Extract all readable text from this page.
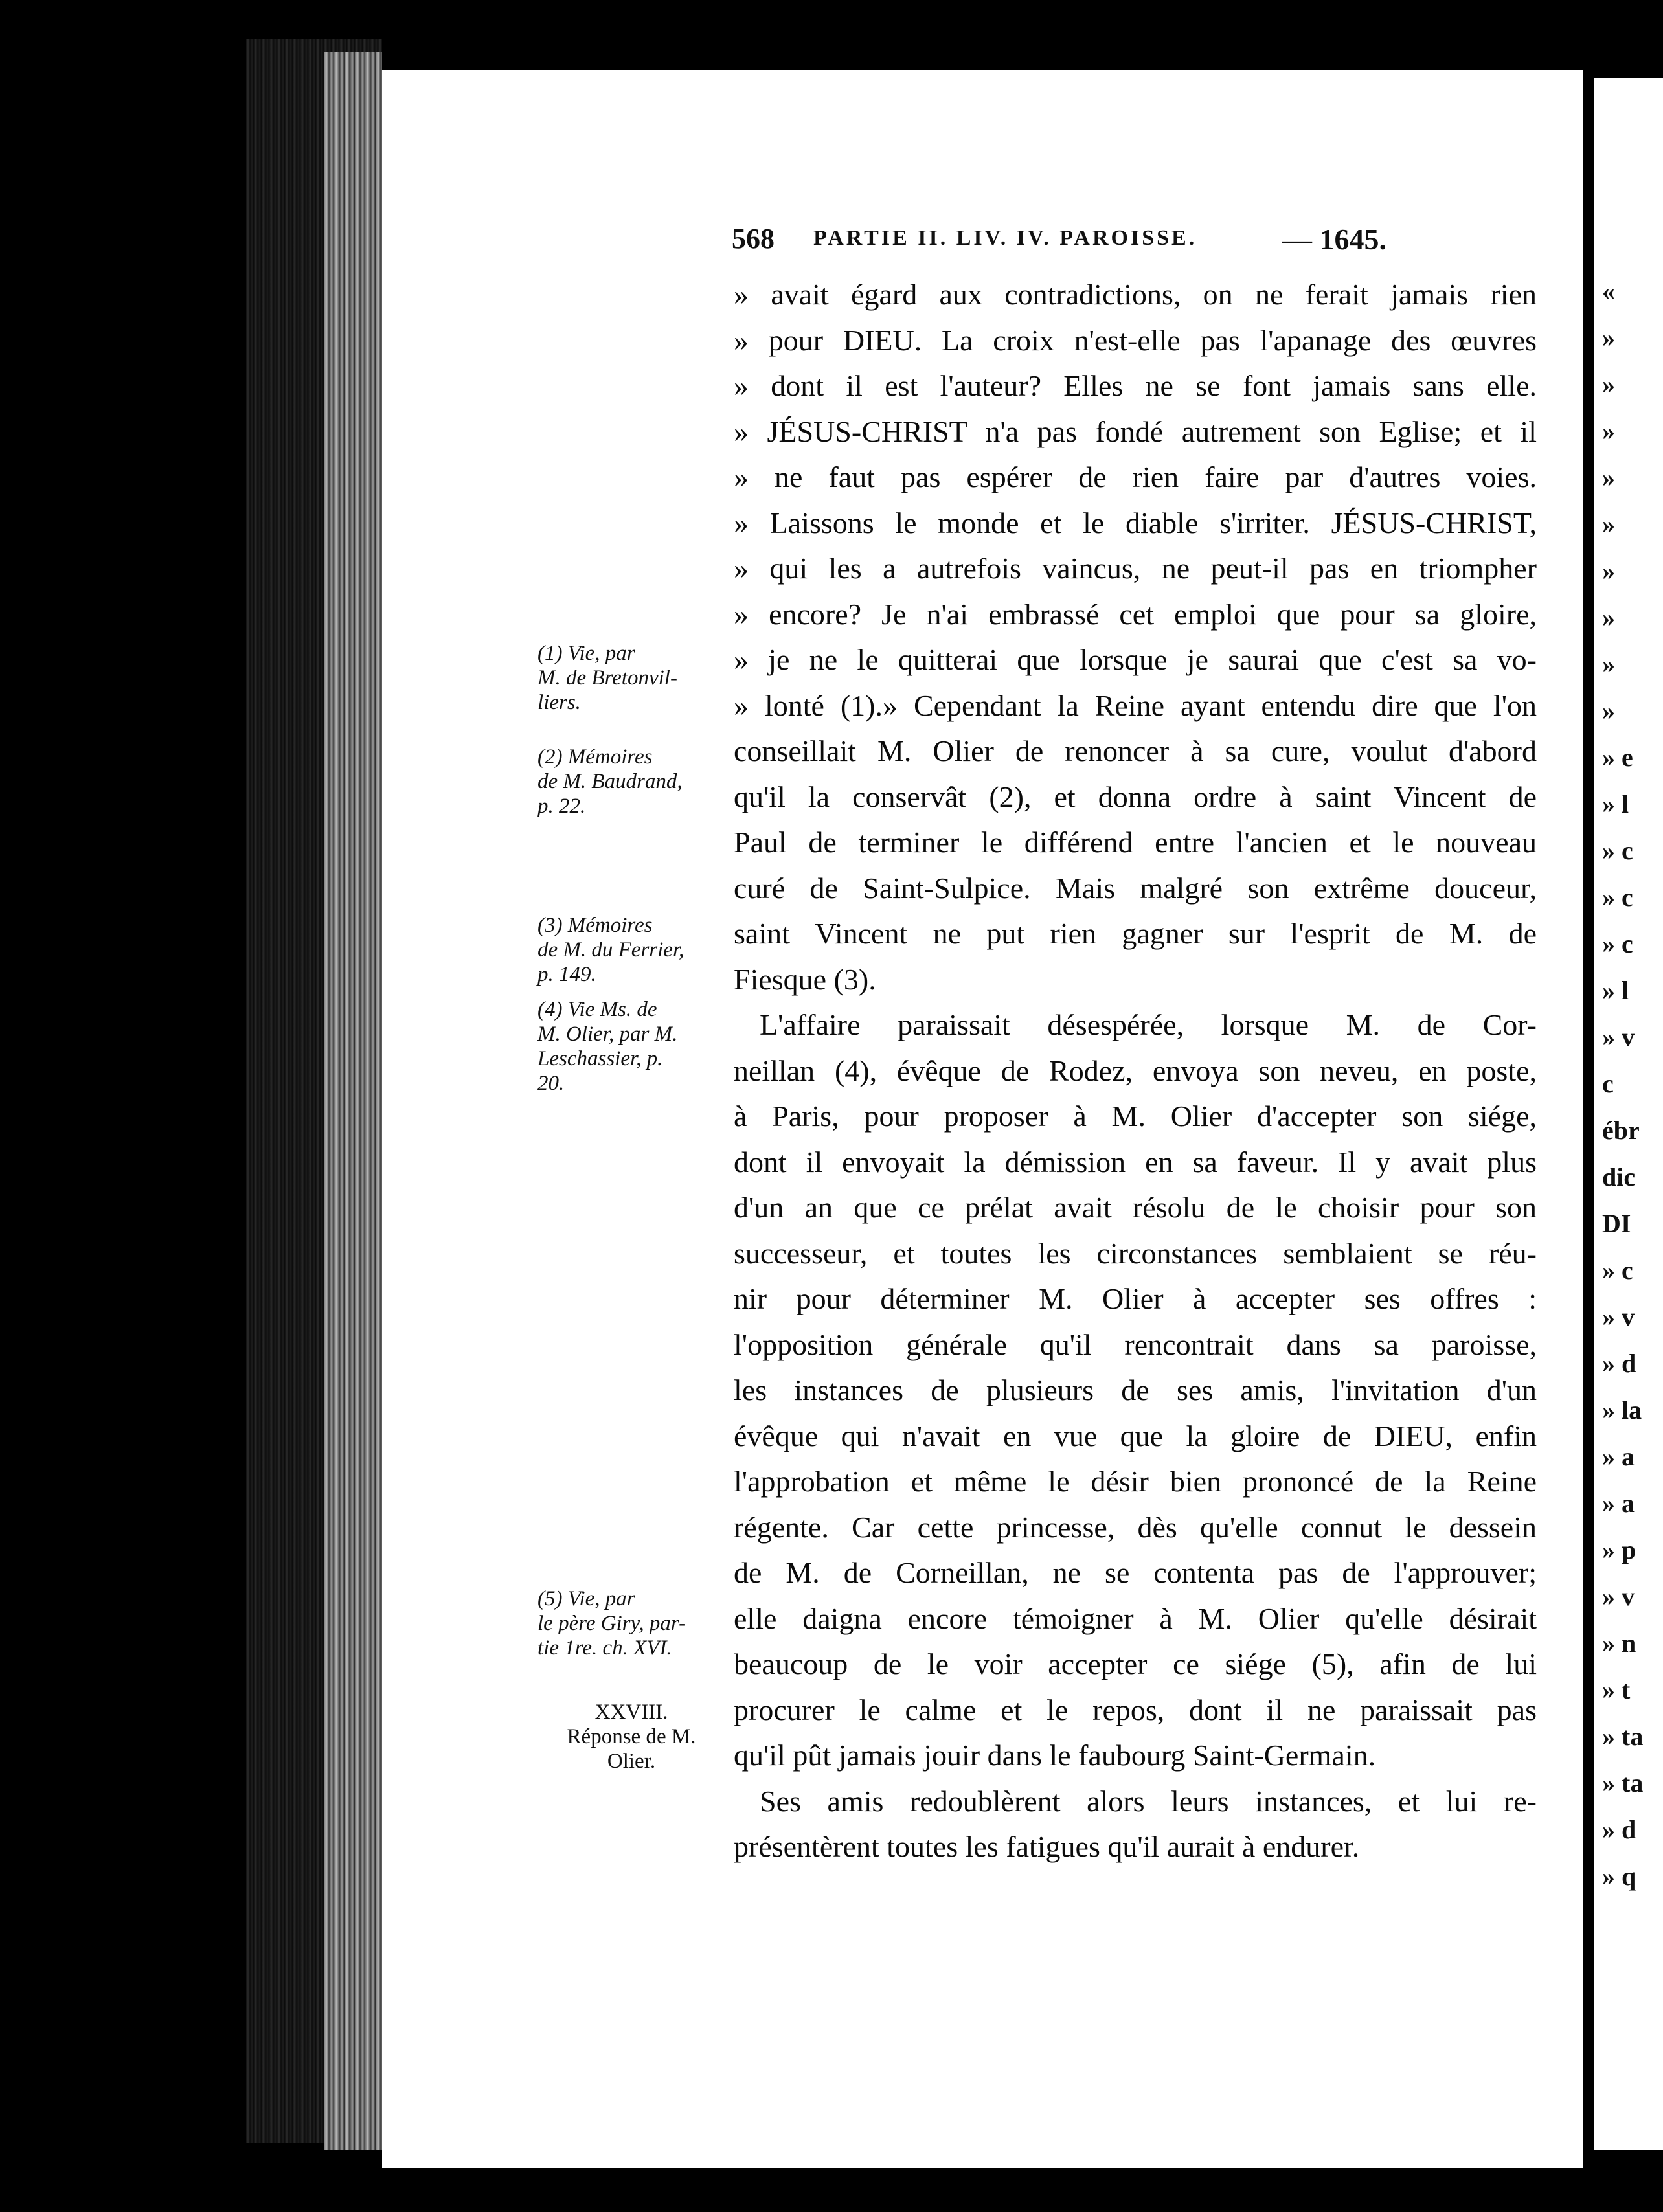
«
»
»
»
»
»
»
»
»
»
» e
» l
» c
» c
» c
» l
» v
c
ébr
dic
DI
» c
» v
» d
» la
» a
» a
» p
» v
» n
» t
» ta
» ta
» d
» q
568 PARTIE II. LIV. IV. PAROISSE.	— 1645.
» avait égard aux contradictions, on ne ferait jamais rien
» pour DIEU. La croix n'est-elle pas l'apanage des œuvres
» dont il est l'auteur? Elles ne se font jamais sans elle.
» JÉSUS-CHRIST n'a pas fondé autrement son Eglise; et il
» ne faut pas espérer de rien faire par d'autres voies.
» Laissons le monde et le diable s'irriter. JÉSUS-CHRIST,
» qui les a autrefois vaincus, ne peut-il pas en triompher
» encore? Je n'ai embrassé cet emploi que pour sa gloire,
» je ne le quitterai que lorsque je saurai que c'est sa vo-
» lonté (1).» Cependant la Reine ayant entendu dire que l'on
conseillait M. Olier de renoncer à sa cure, voulut d'abord
qu'il la conservât (2), et donna ordre à saint Vincent de
Paul de terminer le différend entre l'ancien et le nouveau
curé de Saint-Sulpice. Mais malgré son extrême douceur,
saint Vincent ne put rien gagner sur l'esprit de M. de
Fiesque (3).
L'affaire paraissait désespérée, lorsque M. de Cor-
neillan (4), évêque de Rodez, envoya son neveu, en poste,
à Paris, pour proposer à M. Olier d'accepter son siége,
dont il envoyait la démission en sa faveur. Il y avait plus
d'un an que ce prélat avait résolu de le choisir pour son
successeur, et toutes les circonstances semblaient se réu-
nir pour déterminer M. Olier à accepter ses offres :
l'opposition générale qu'il rencontrait dans sa paroisse,
les instances de plusieurs de ses amis, l'invitation d'un
évêque qui n'avait en vue que la gloire de DIEU, enfin
l'approbation et même le désir bien prononcé de la Reine
régente. Car cette princesse, dès qu'elle connut le dessein
de M. de Corneillan, ne se contenta pas de l'approuver;
elle daigna encore témoigner à M. Olier qu'elle désirait
beaucoup de le voir accepter ce siége (5), afin de lui
procurer le calme et le repos, dont il ne paraissait pas
qu'il pût jamais jouir dans le faubourg Saint-Germain.
Ses amis redoublèrent alors leurs instances, et lui re-
présentèrent toutes les fatigues qu'il aurait à endurer.
(1) Vie, par
M. de Bretonvil-
liers.
(2) Mémoires
de M. Baudrand,
p. 22.
(3) Mémoires
de M. du Ferrier,
p. 149.
(4) Vie Ms. de
M. Olier, par M.
Leschassier, p.
20.
(5) Vie, par
le père Giry, par-
tie 1re. ch. XVI.
XXVIII.
Réponse de M.
Olier.
